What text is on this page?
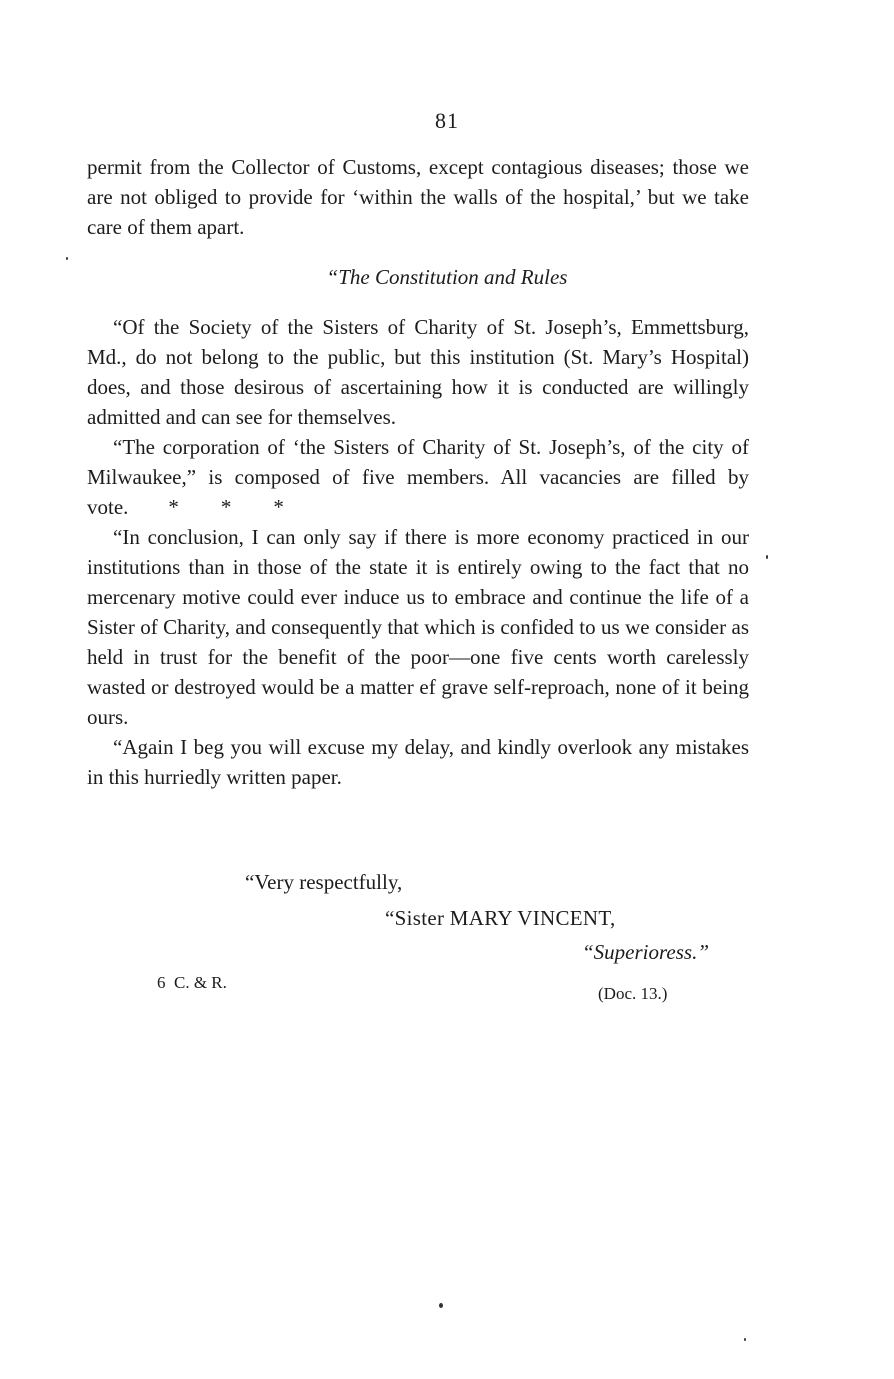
81

permit from the Collector of Customs, except contagious diseases; those we are not obliged to provide for ‘within the walls of the hospital,’ but we take care of them apart.

“The Constitution and Rules

“Of the Society of the Sisters of Charity of St. Joseph’s, Emmettsburg, Md., do not belong to the public, but this institution (St. Mary’s Hospital) does, and those desirous of ascertaining how it is conducted are willingly admitted and can see for themselves.

“The corporation of ‘the Sisters of Charity of St. Joseph’s, of the city of Milwaukee,” is composed of five members. All vacancies are filled by vote. *        *        *

“In conclusion, I can only say if there is more economy practiced in our institutions than in those of the state it is entirely owing to the fact that no mercenary motive could ever induce us to embrace and continue the life of a Sister of Charity, and consequently that which is confided to us we consider as held in trust for the benefit of the poor—one five cents worth carelessly wasted or destroyed would be a matter ef grave self-reproach, none of it being ours.

“Again I beg you will excuse my delay, and kindly overlook any mistakes in this hurriedly written paper.

“Very respectfully,
“Sister MARY VINCENT,
“Superioress.”
6  C. & R.
(Doc. 13.)
